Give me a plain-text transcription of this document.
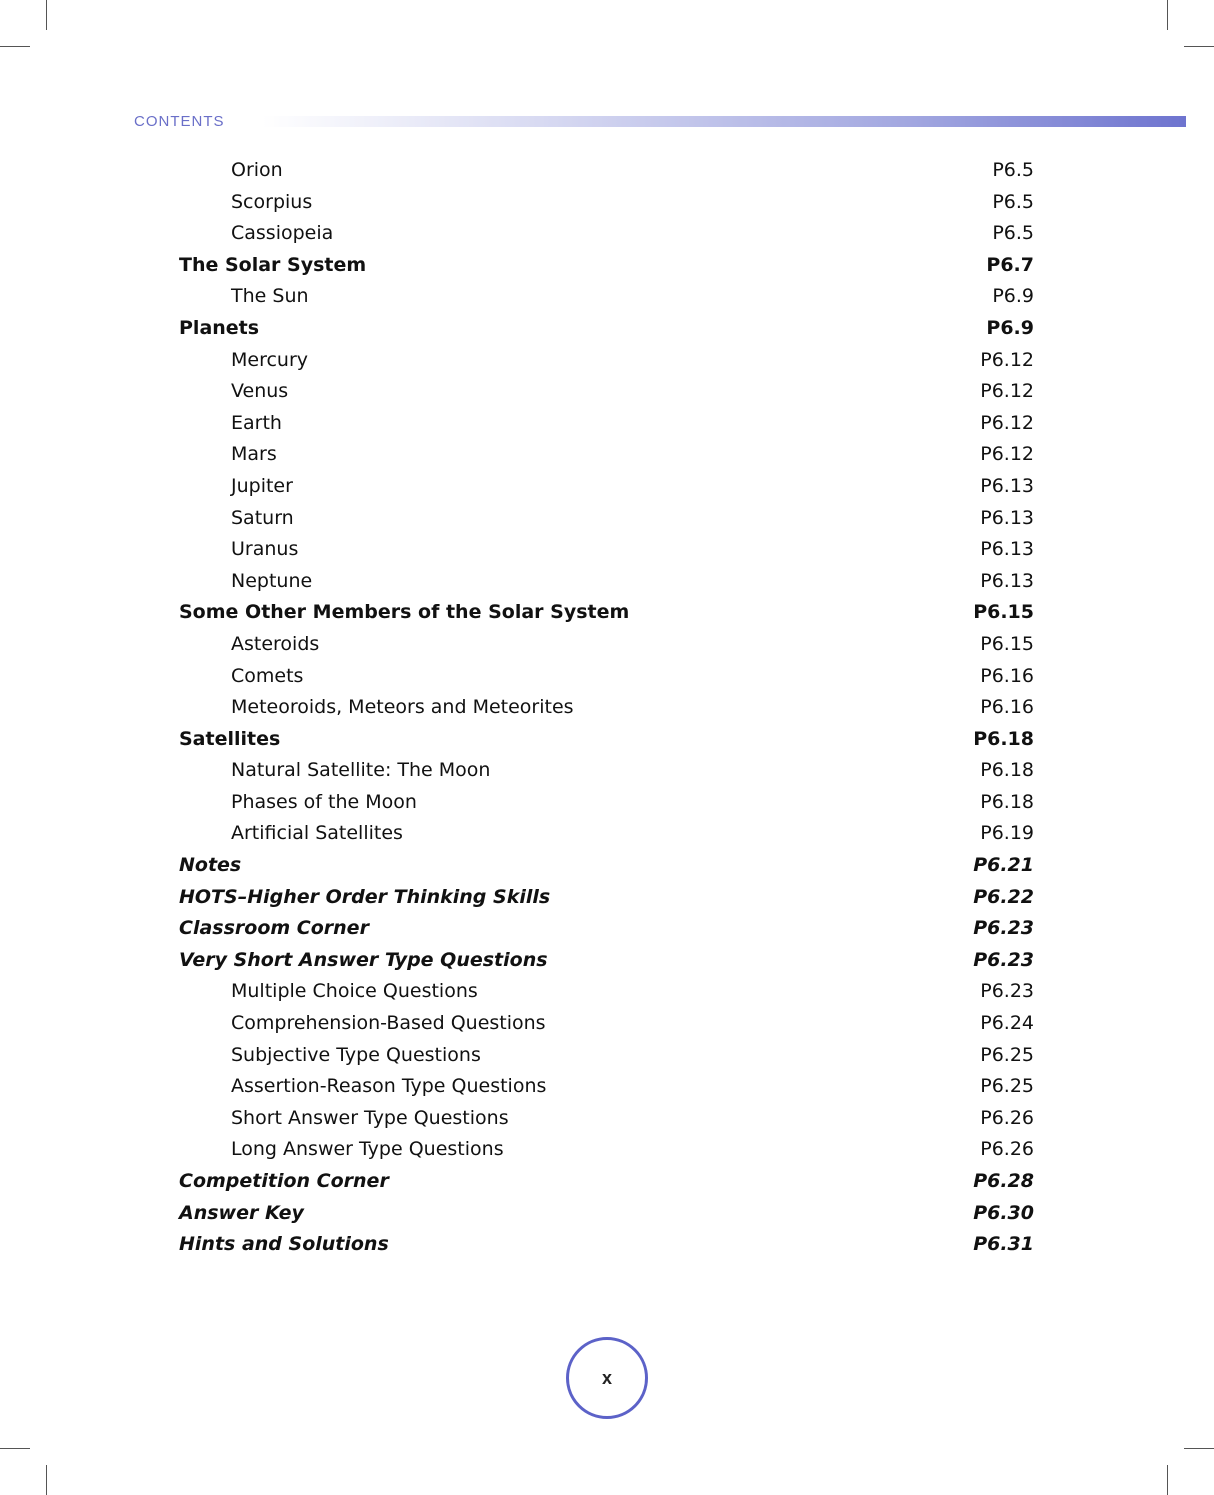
CONTENTS
Orion	P6.5
Scorpius	P6.5
Cassiopeia	P6.5
The Solar System	P6.7
The Sun	P6.9
Planets	P6.9
Mercury	P6.12
Venus	P6.12
Earth	P6.12
Mars	P6.12
Jupiter	P6.13
Saturn	P6.13
Uranus	P6.13
Neptune	P6.13
Some Other Members of the Solar System	P6.15
Asteroids	P6.15
Comets	P6.16
Meteoroids, Meteors and Meteorites	P6.16
Satellites	P6.18
Natural Satellite: The Moon	P6.18
Phases of the Moon	P6.18
Artificial Satellites	P6.19
Notes	P6.21
HOTS–Higher Order Thinking Skills	P6.22
Classroom Corner	P6.23
Very Short Answer Type Questions	P6.23
Multiple Choice Questions	P6.23
Comprehension-Based Questions	P6.24
Subjective Type Questions	P6.25
Assertion-Reason Type Questions	P6.25
Short Answer Type Questions	P6.26
Long Answer Type Questions	P6.26
Competition Corner	P6.28
Answer Key	P6.30
Hints and Solutions	P6.31
x
